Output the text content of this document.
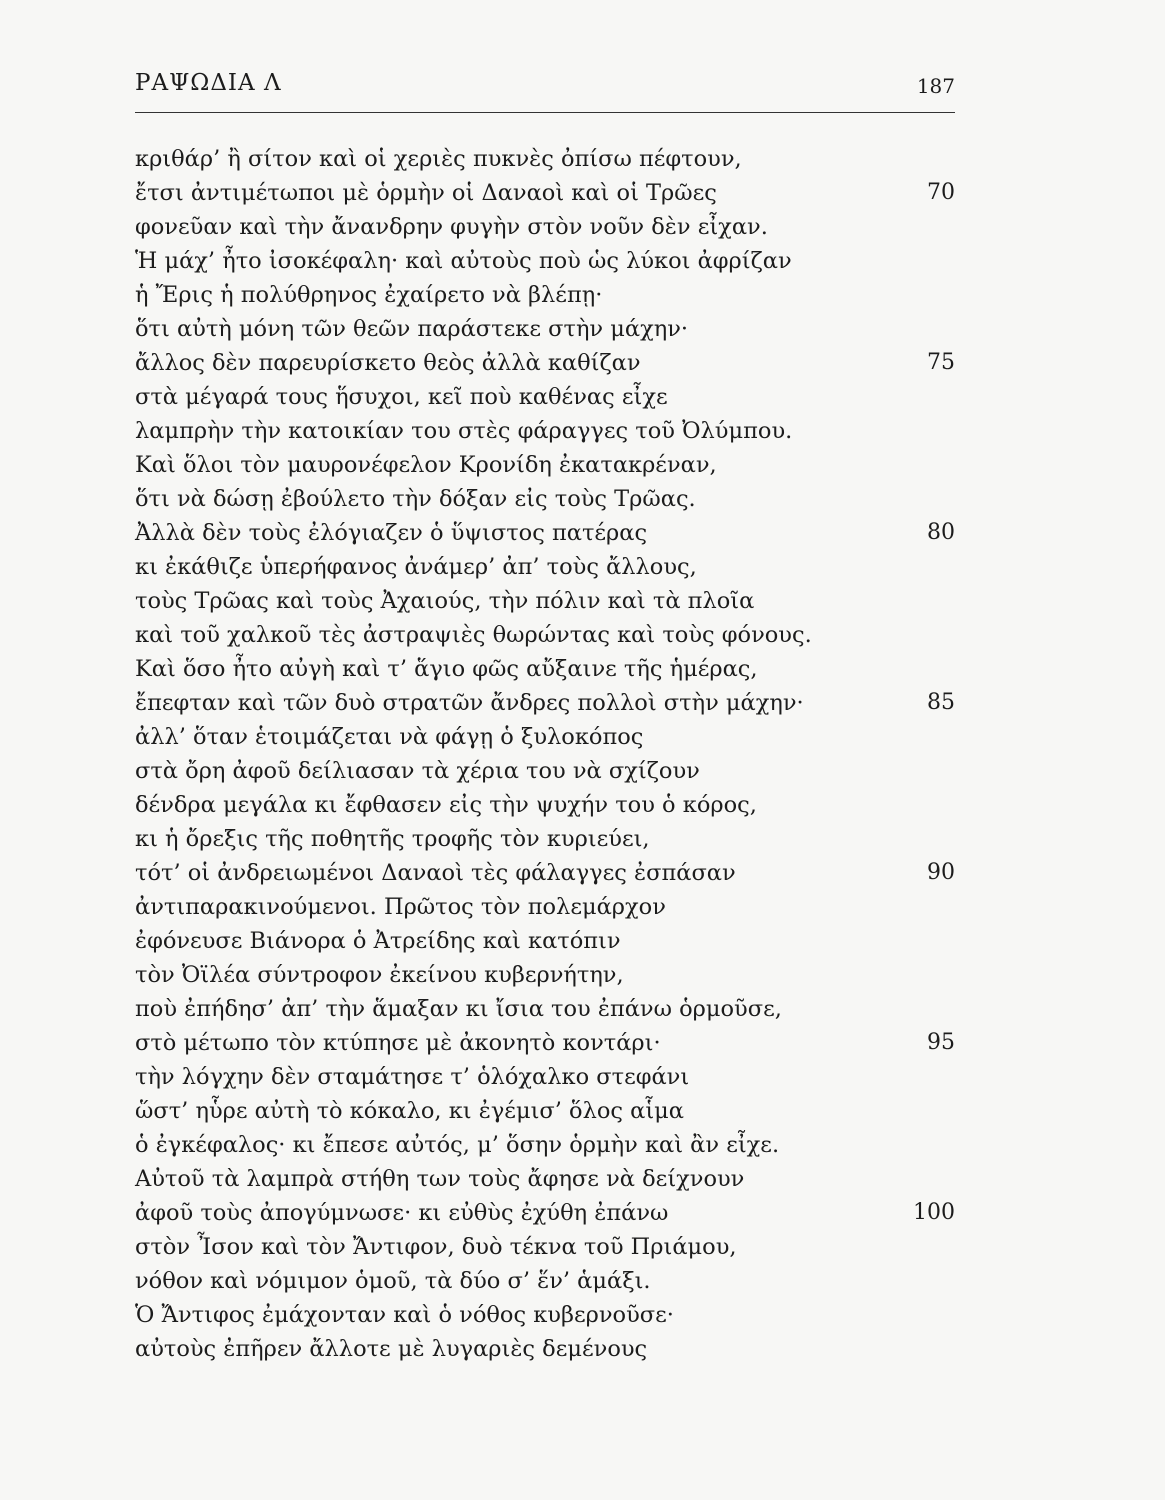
ΡΑΨΩΔΙΑ Λ	187
κριθάρ’ ἢ σίτον καὶ οἱ χεριὲς πυκνὲς ὀπίσω πέφτουν,
ἔτσι ἀντιμέτωποι μὲ ὁρμὴν οἱ Δαναοὶ καὶ οἱ Τρῶες	70
φονεῦαν καὶ τὴν ἄνανδρην φυγὴν στὸν νοῦν δὲν εἶχαν.
Ἡ μάχ’ ἦτο ἰσοκέφαλη· καὶ αὐτοὺς ποὺ ὡς λύκοι ἀφρίζαν
ἡ Ἔρις ἡ πολύθρηνος ἐχαίρετο νὰ βλέπῃ·
ὅτι αὐτὴ μόνη τῶν θεῶν παράστεκε στὴν μάχην·
ἄλλος δὲν παρευρίσκετο θεὸς ἀλλὰ καθίζαν	75
στὰ μέγαρά τους ἥσυχοι, κεῖ ποὺ καθένας εἶχε
λαμπρὴν τὴν κατοικίαν του στὲς φάραγγες τοῦ Ὀλύμπου.
Καὶ ὅλοι τὸν μαυρονέφελον Κρονίδη ἐκατακρέναν,
ὅτι νὰ δώσῃ ἐβούλετο τὴν δόξαν εἰς τοὺς Τρῶας.
Ἀλλὰ δὲν τοὺς ἐλόγιαζεν ὁ ὕψιστος πατέρας	80
κι ἐκάθιζε ὑπερήφανος ἀνάμερ’ ἀπ’ τοὺς ἄλλους,
τοὺς Τρῶας καὶ τοὺς Ἀχαιούς, τὴν πόλιν καὶ τὰ πλοῖα
καὶ τοῦ χαλκοῦ τὲς ἀστραψιὲς θωρώντας καὶ τοὺς φόνους.
Καὶ ὅσο ἦτο αὐγὴ καὶ τ’ ἅγιο φῶς αὔξαινε τῆς ἡμέρας,
ἔπεφταν καὶ τῶν δυὸ στρατῶν ἄνδρες πολλοὶ στὴν μάχην·	85
ἀλλ’ ὅταν ἑτοιμάζεται νὰ φάγῃ ὁ ξυλοκόπος
στὰ ὄρη ἀφοῦ δείλιασαν τὰ χέρια του νὰ σχίζουν
δένδρα μεγάλα κι ἔφθασεν εἰς τὴν ψυχήν του ὁ κόρος,
κι ἡ ὄρεξις τῆς ποθητῆς τροφῆς τὸν κυριεύει,
τότ’ οἱ ἀνδρειωμένοι Δαναοὶ τὲς φάλαγγες ἐσπάσαν	90
ἀντιπαρακινούμενοι. Πρῶτος τὸν πολεμάρχον
ἐφόνευσε Βιάνορα ὁ Ἀτρείδης καὶ κατόπιν
τὸν Ὀϊλέα σύντροφον ἐκείνου κυβερνήτην,
ποὺ ἐπήδησ’ ἀπ’ τὴν ἅμαξαν κι ἴσια του ἐπάνω ὁρμοῦσε,
στὸ μέτωπο τὸν κτύπησε μὲ ἀκονητὸ κοντάρι·	95
τὴν λόγχην δὲν σταμάτησε τ’ ὁλόχαλκο στεφάνι
ὥστ’ ηὗρε αὐτὴ τὸ κόκαλο, κι ἐγέμισ’ ὅλος αἷμα
ὁ ἐγκέφαλος· κι ἔπεσε αὐτός, μ’ ὅσην ὁρμὴν καὶ ἂν εἶχε.
Αὐτοῦ τὰ λαμπρὰ στήθη των τοὺς ἄφησε νὰ δείχνουν
ἀφοῦ τοὺς ἀπογύμνωσε· κι εὐθὺς ἐχύθη ἐπάνω	100
στὸν Ἶσον καὶ τὸν Ἄντιφον, δυὸ τέκνα τοῦ Πριάμου,
νόθον καὶ νόμιμον ὁμοῦ, τὰ δύο σ’ ἕν’ ἁμάξι.
Ὁ Ἄντιφος ἐμάχονταν καὶ ὁ νόθος κυβερνοῦσε·
αὐτοὺς ἐπῆρεν ἄλλοτε μὲ λυγαριὲς δεμένους
